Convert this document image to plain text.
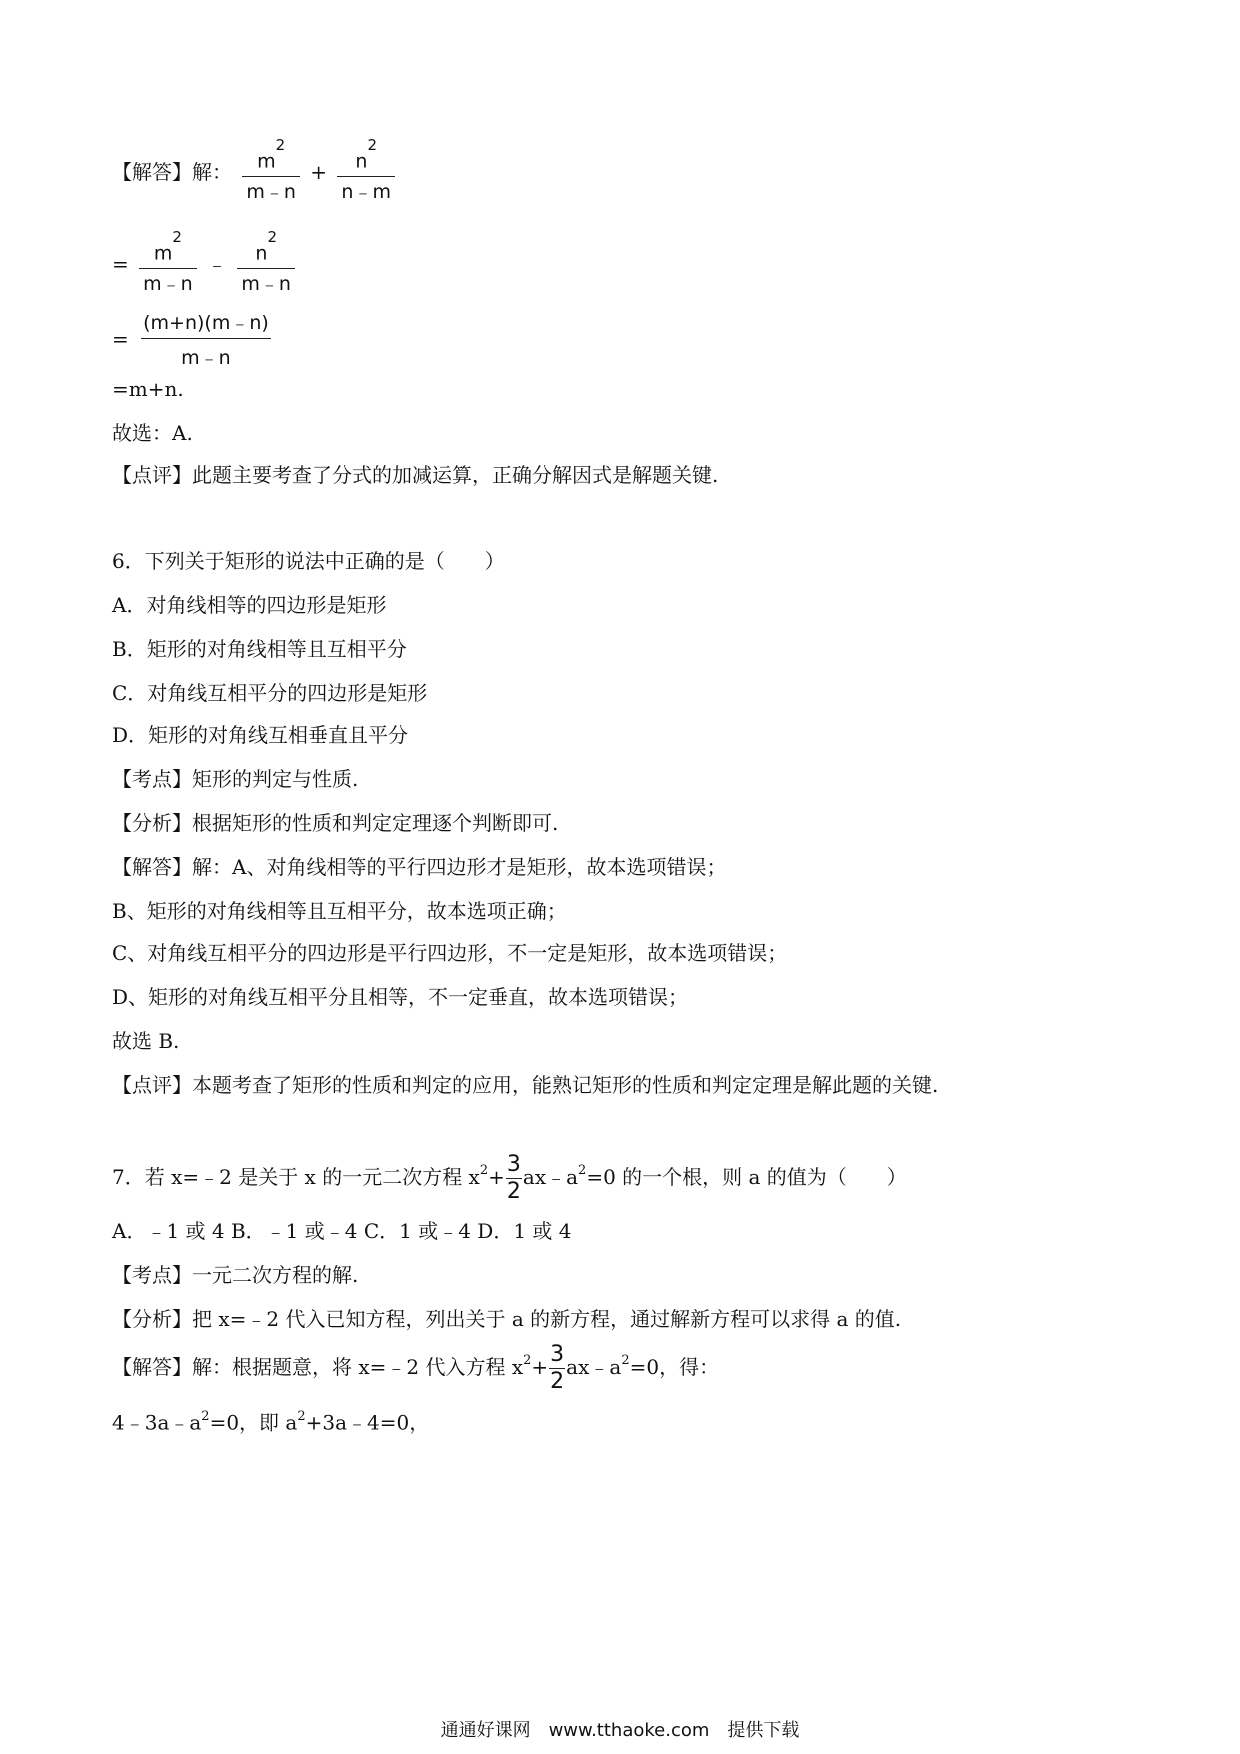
【解答】解： $\frac{m^2}{m﹣n} + \frac{n^2}{n﹣m}$
= $\frac{m^2}{m﹣n}$ ﹣ $\frac{n^2}{m﹣n}$
= $\frac{(m+n)(m﹣n)}{m﹣n}$
=m+n.
故选：A.
【点评】此题主要考查了分式的加减运算，正确分解因式是解题关键.
6．下列关于矩形的说法中正确的是（　　）
A．对角线相等的四边形是矩形
B．矩形的对角线相等且互相平分
C．对角线互相平分的四边形是矩形
D．矩形的对角线互相垂直且平分
【考点】矩形的判定与性质.
【分析】根据矩形的性质和判定定理逐个判断即可.
【解答】解：A、对角线相等的平行四边形才是矩形，故本选项错误；
B、矩形的对角线相等且互相平分，故本选项正确；
C、对角线互相平分的四边形是平行四边形，不一定是矩形，故本选项错误；
D、矩形的对角线互相平分且相等，不一定垂直，故本选项错误；
故选 B.
【点评】本题考查了矩形的性质和判定的应用，能熟记矩形的性质和判定定理是解此题的关键.
7．若 x=﹣2 是关于 x 的一元二次方程 $x^2+ \frac{3}{2}$ $ax﹣a^2=0$ 的一个根，则 a 的值为（　　）
A．﹣1 或 4 B．﹣1 或﹣4 C．1 或﹣4 D．1 或 4
【考点】一元二次方程的解.
【分析】把 x=﹣2 代入已知方程，列出关于 a 的新方程，通过解新方程可以求得 a 的值.
【解答】解：根据题意，将 x=﹣2 代入方程 $x^2+ \frac{3}{2}$ $ax﹣a^2=0$，得：
$4﹣3a﹣a^2=0$，即 $a^2+3a﹣4=0$，
通通好课网　www.tthaoke.com　提供下载
